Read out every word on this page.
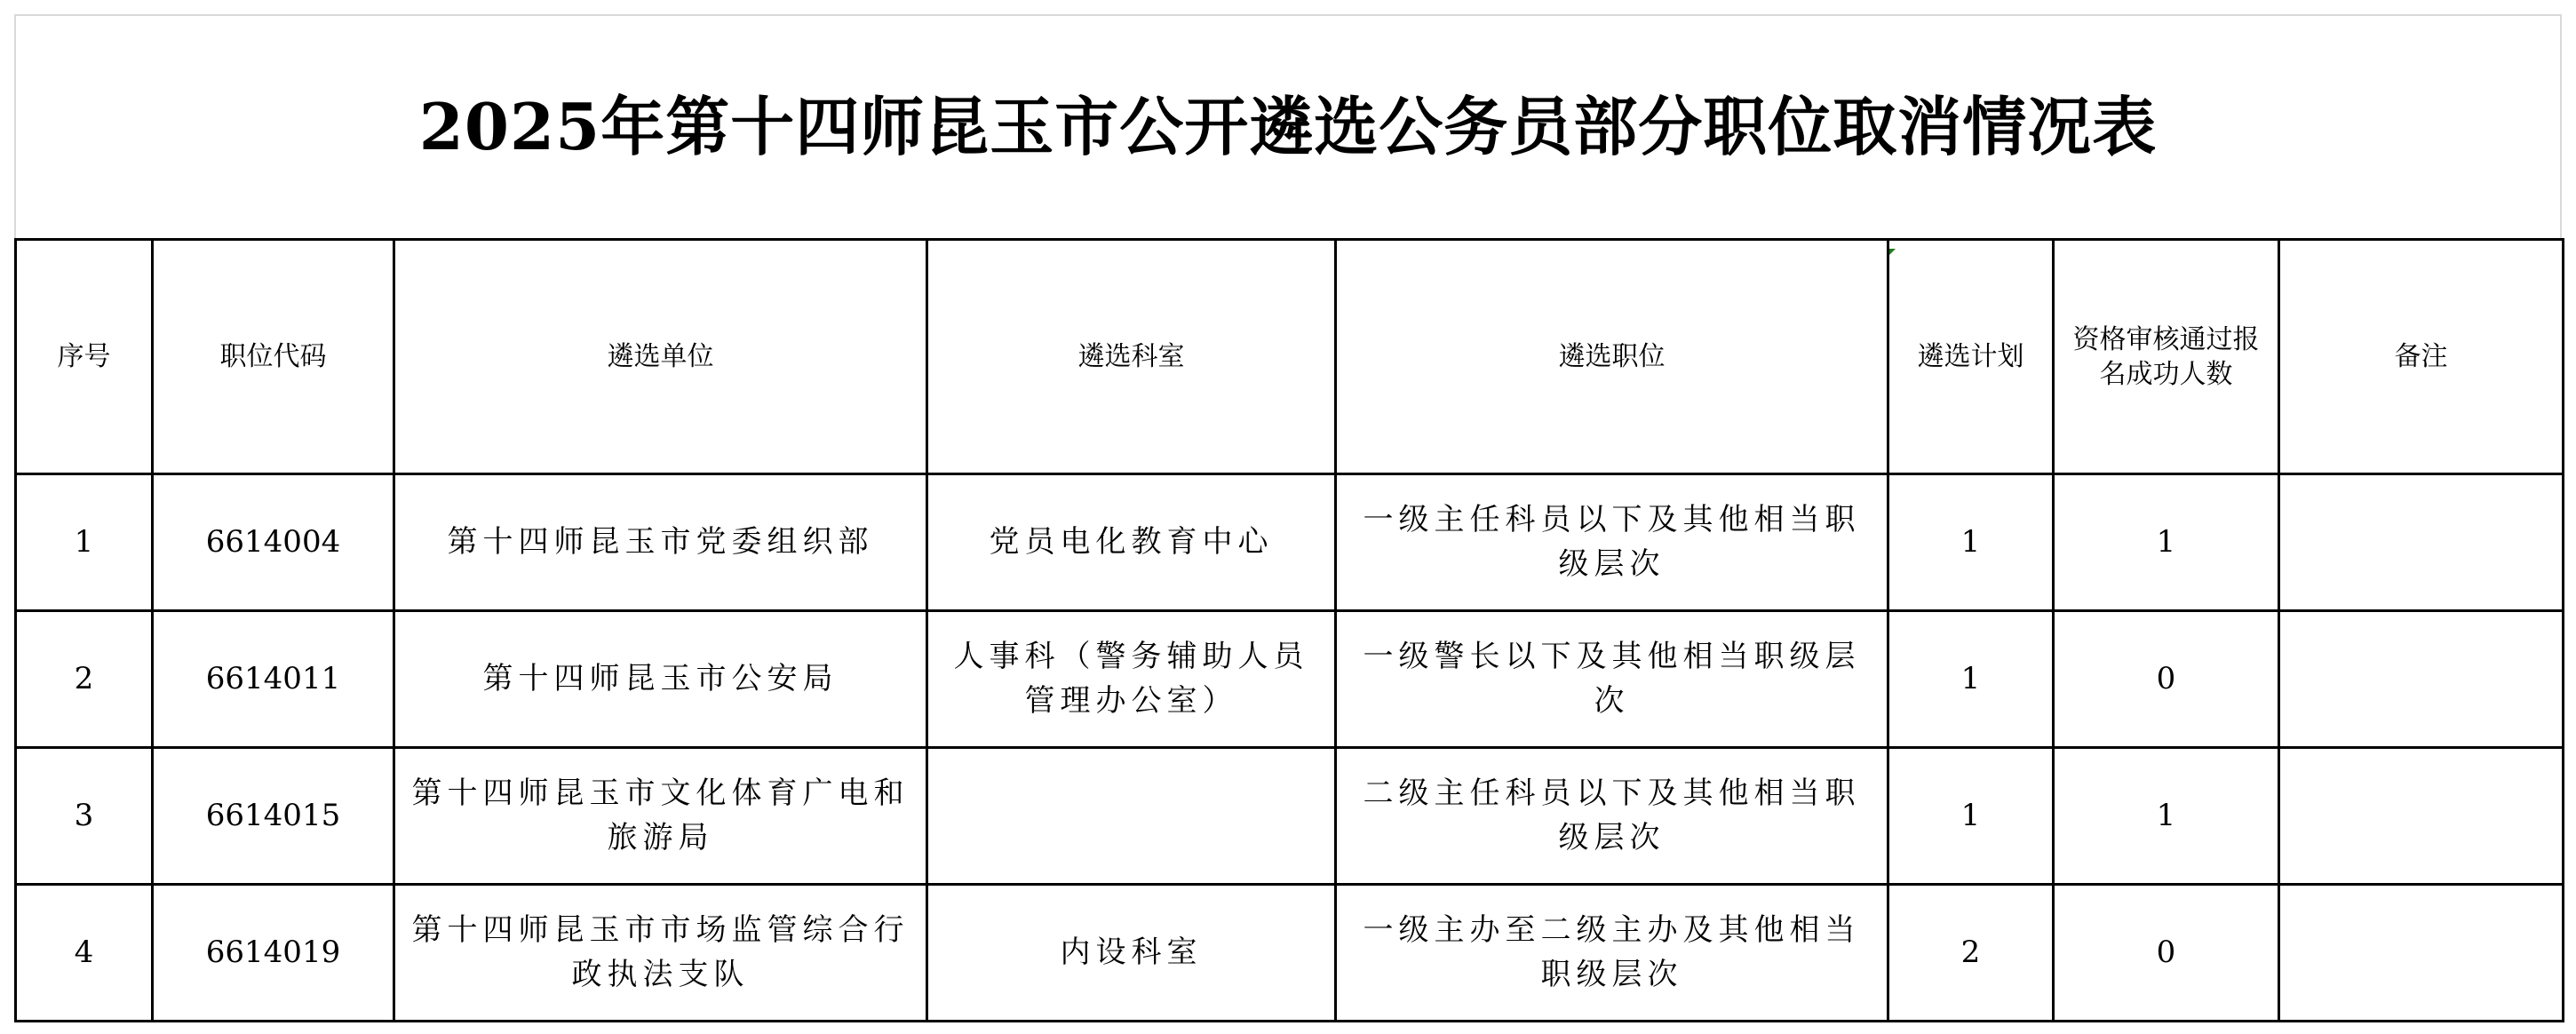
2025年第十四师昆玉市公开遴选公务员部分职位取消情况表
序号	职位代码	遴选单位	遴选科室	遴选职位	遴选计划	资格审核通过报名成功人数	备注
1	6614004	第十四师昆玉市党委组织部	党员电化教育中心	一级主任科员以下及其他相当职级层次	1	1	
2	6614011	第十四师昆玉市公安局	人事科（警务辅助人员管理办公室）	一级警长以下及其他相当职级层次	1	0	
3	6614015	第十四师昆玉市文化体育广电和旅游局		二级主任科员以下及其他相当职级层次	1	1	
4	6614019	第十四师昆玉市市场监管综合行政执法支队	内设科室	一级主办至二级主办及其他相当职级层次	2	0	
